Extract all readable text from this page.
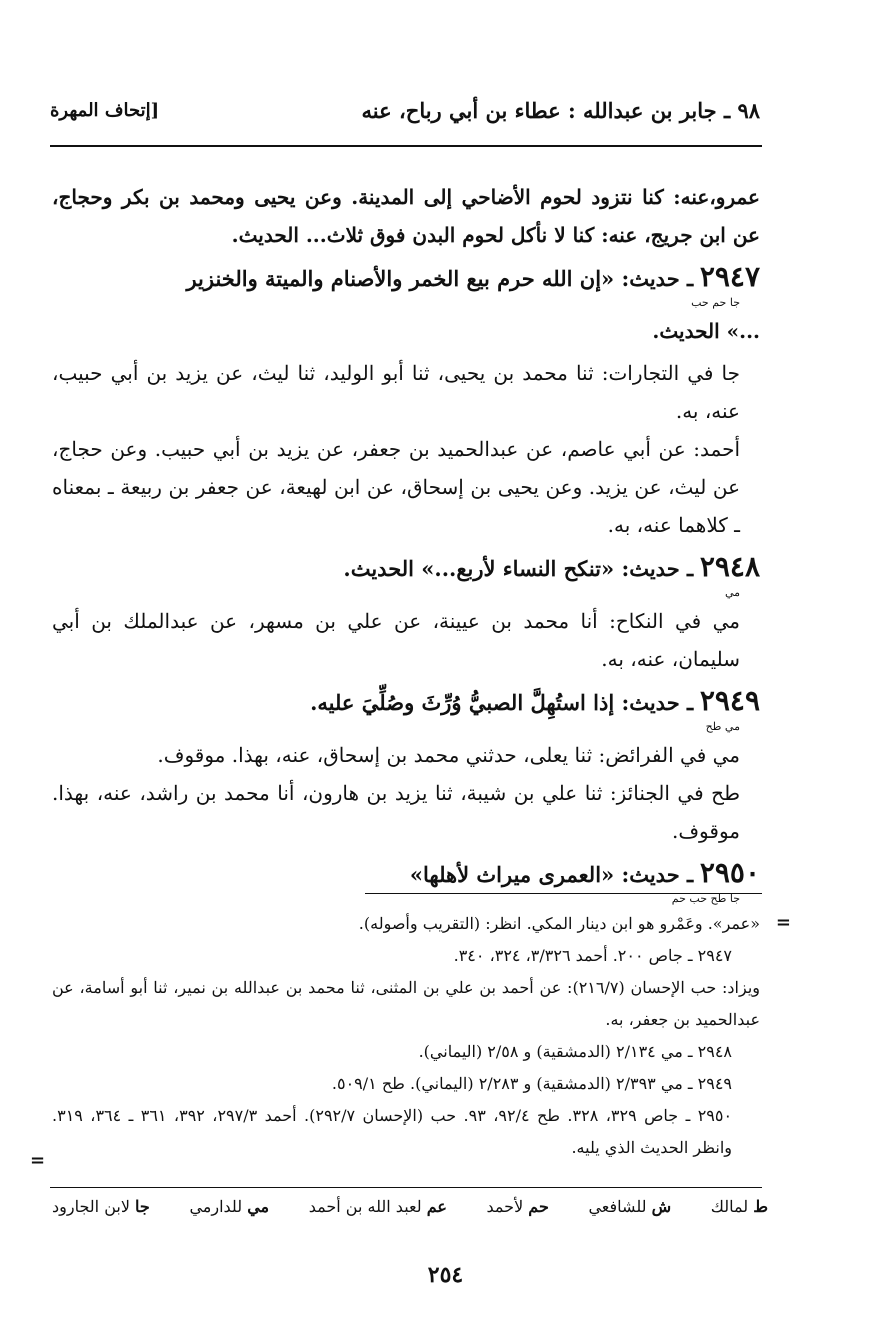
٩٨ ـ جابر بن عبدالله : عطاء بن أبي رباح، عنه
[إتحاف المهرة

عمرو،عنه: كنا نتزود لحوم الأضاحي إلى المدينة. وعن يحيى ومحمد بن بكر وحجاج، عن ابن جريج، عنه: كنا لا نأكل لحوم البدن فوق ثلاث... الحديث.

٢٩٤٧ ـ حديث: «إن الله حرم بيع الخمر والأصنام والميتة والخنزير
جا حم حب

...» الحديث.

جا في التجارات: ثنا محمد بن يحيى، ثنا أبو الوليد، ثنا ليث، عن يزيد بن أبي حبيب، عنه، به.

أحمد: عن أبي عاصم، عن عبدالحميد بن جعفر، عن يزيد بن أبي حبيب. وعن حجاج، عن ليث، عن يزيد. وعن يحيى بن إسحاق، عن ابن لهيعة، عن جعفر بن ربيعة ـ بمعناه ـ كلاهما عنه، به.

٢٩٤٨ ـ حديث: «تنكح النساء لأربع...» الحديث.
مي

مي في النكاح: أنا محمد بن عيينة، عن علي بن مسهر، عن عبدالملك بن أبي سليمان، عنه، به.

٢٩٤٩ ـ حديث: إذا استُهِلَّ الصبيُّ وُرِّثَ وصُلِّيَ عليه.
مي طح

مي في الفرائض: ثنا يعلى، حدثني محمد بن إسحاق، عنه، بهذا. موقوف.

طح في الجنائز: ثنا علي بن شيبة، ثنا يزيد بن هارون، أنا محمد بن راشد، عنه، بهذا. موقوف.

٢٩٥٠ ـ حديث: «العمرى ميراث لأهلها»
جا طح حب حم
=

«عمر». وعَمْرو هو ابن دينار المكي. انظر: (التقريب وأصوله).

٢٩٤٧ ـ جاص ٢٠٠. أحمد ٣/٣٢٦، ٣٢٤، ٣٤٠.

ويزاد: حب الإحسان (٢١٦/٧): عن أحمد بن علي بن المثنى، ثنا محمد بن عبدالله بن نمير، ثنا أبو أسامة، عن عبدالحميد بن جعفر، به.

٢٩٤٨ ـ مي ٢/١٣٤ (الدمشقية) و ٢/٥٨ (اليماني).

٢٩٤٩ ـ مي ٢/٣٩٣ (الدمشقية) و ٢/٢٨٣ (اليماني). طح ٥٠٩/١.

٢٩٥٠ ـ جاص ٣٢٩، ٣٢٨. طح ٩٢/٤، ٩٣. حب (الإحسان ٢٩٢/٧). أحمد ٢٩٧/٣، ٣٩٢، ٣٦١ ـ ٣٦٤، ٣١٩. وانظر الحديث الذي يليه.

=
ط لمالك
ش للشافعي
حم لأحمد
عم لعبد الله بن أحمد
مي للدارمي
جا لابن الجارود
٢٥٤
